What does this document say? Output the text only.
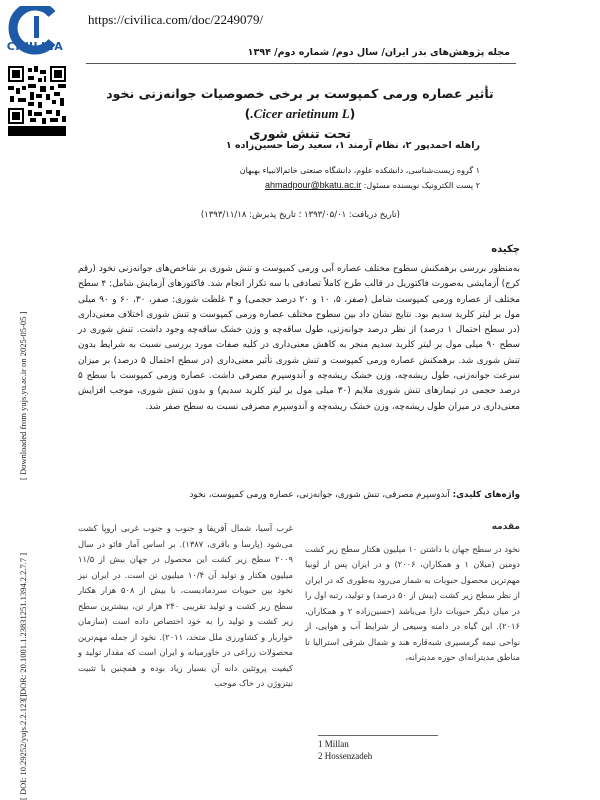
CIVILICA
https://civilica.com/doc/2249079/
مجله پژوهش‌های بذر ایران/ سال دوم/ شماره دوم/ ۱۳۹۴
تأثیر عصاره ورمی کمپوست بر برخی خصوصیات جوانه‌زنی نخود (Cicer arietinum L.)
تحت تنش شوری
راهله احمدپور ۲، نظام آرمند ۱، سعید رضا حسین‌زاده ۱
۱ گروه زیست‌شناسی، دانشکده علوم، دانشگاه صنعتی خاتم‌الانبیاء بهبهان
۲ پست الکترونیک نویسنده مسئول: ahmadpour@bkatu.ac.ir
(تاریخ دریافت: ۱۳۹۳/۰۵/۰۱ ؛ تاریخ پذیرش: ۱۳۹۳/۱۱/۱۸)
چکیده
به‌منظور بررسی برهمکنش سطوح مختلف عصاره آبی ورمی کمپوست و تنش شوری بر شاخص‌های جوانه‌زنی نخود (رقم کرج) آزمایشی به‌صورت فاکتوریل در قالب طرح کاملاً تصادفی با سه تکرار انجام شد. فاکتورهای آزمایش شامل: ۴ سطح مختلف از عصاره ورمی کمپوست شامل (صفر، ۵، ۱۰ و ۲۰ درصد حجمی) و ۴ غلظت شوری: صفر، ۳۰، ۶۰ و ۹۰ میلی مول بر لیتر کلرید سدیم بود. نتایج نشان داد بین سطوح مختلف عصاره ورمی کمپوست و تنش شوری اختلاف معنی‌داری (در سطح احتمال ۱ درصد) از نظر درصد جوانه‌زنی، طول ساقه‌چه و وزن خشک ساقه‌چه وجود داشت. تنش شوری در سطح ۹۰ میلی مول بر لیتر کلرید سدیم منجر به کاهش معنی‌داری در کلیه صفات مورد بررسی نسبت به شرایط بدون تنش شوری شد. برهمکنش عصاره ورمی کمپوست و تنش شوری تأثیر معنی‌داری (در سطح احتمال ۵ درصد) بر میزان سرعت جوانه‌زنی، طول ریشه‌چه، وزن خشک ریشه‌چه و آندوسپرم مصرفی داشت. عصاره ورمی کمپوست با سطح ۵ درصد حجمی در تیمارهای تنش شوری ملایم (۳۰ میلی مول بر لیتر کلرید سدیم) و بدون تنش شوری، موجب افزایش معنی‌داری در میزان طول ریشه‌چه، وزن خشک ریشه‌چه و آندوسپرم مصرفی نسبت به سطح صفر شد.
واژه‌های کلیدی: آندوسپرم مصرفی، تنش شوری، جوانه‌زنی، عصاره ورمی کمپوست، نخود
مقدمه
نخود در سطح جهان با داشتن ۱۰ میلیون هکتار سطح زیر کشت دومین (میلان ۱ و همکاران، ۲۰۰۶) و در ایران پس از لوبیا مهم‌ترین محصول حبوبات به شمار می‌رود به‌طوری که در ایران از نظر سطح زیر کشت (بیش از ۵۰ درصد) و تولید، رتبه اول را در میان دیگر حبوبات دارا می‌باشد (حسین‌زاده ۲ و همکاران، ۲۰۱۶). این گیاه در دامنه وسیعی از شرایط آب و هوایی، از نواحی نیمه گرمسیری شبه‌قاره هند و شمال شرقی استرالیا تا مناطق مدیترانه‌ای حوزه مدیترانه،
غرب آسیا، شمال آفریقا و جنوب و جنوب غربی اروپا کشت می‌شود (پارسا و باقری، ۱۳۸۷). بر اساس آمار فائو در سال ۲۰۰۹ سطح زیر کشت این محصول در جهان بیش از ۱۱/۵ میلیون هکتار و تولید آن ۱۰/۴ میلیون تن است. در ایران نیز نخود بین حبوبات سردمادیست، با بیش از ۵۰۸ هزار هکتار سطح زیر کشت و تولید تقریبی ۲۴۰ هزار تن، بیشترین سطح زیر کشت و تولید را به خود اختصاص داده است (سازمان خواربار و کشاورزی ملل متحد، ۲۰۱۱). نخود از جمله مهم‌ترین محصولات زراعی در خاورمیانه و ایران است که مقدار تولید و کیفیت پروتئین دانه آن بسیار زیاد بوده و همچنین با تثبیت نیتروژن در خاک موجب
1 Millan
2 Hossenzadeh
[ Downloaded from yujs.yu.ac.ir on 2025-05-05 ]
[ DOR: 20.1001.1.23831251.1394.2.2.7.7 ]
[ DOI: 10.29252/yujs.2.2.123 ]
